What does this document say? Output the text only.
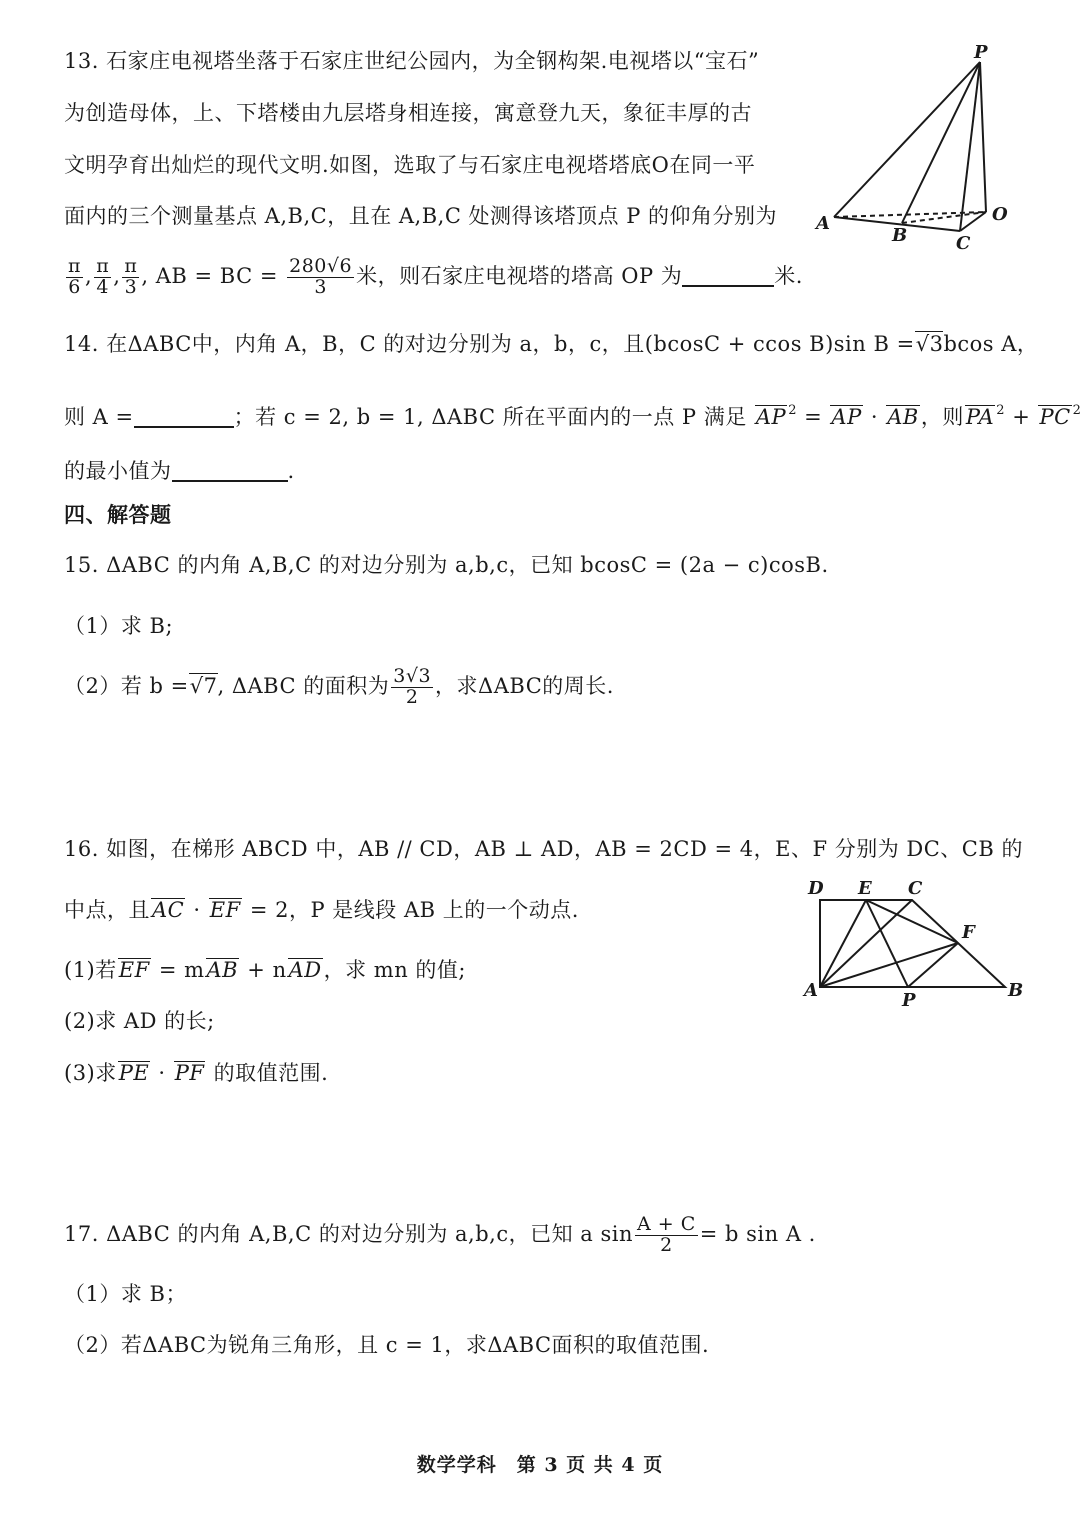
13. 石家庄电视塔坐落于石家庄世纪公园内，为全钢构架.电视塔以“宝石”
为创造母体，上、下塔楼由九层塔身相连接，寓意登九天，象征丰厚的古
文明孕育出灿烂的现代文明.如图，选取了与石家庄电视塔塔底O在同一平
面内的三个测量基点 A,B,C，且在 A,B,C 处测得该塔顶点 P 的仰角分别为
$\frac{\pi}{6}$ , $\frac{\pi}{4}$ , $\frac{\pi}{3}$ , AB = BC = $\frac{280√6}{3}$ 米，则石家庄电视塔的塔高 OP 为	米.
P
A
B	C
O
14. 在ΔABC中，内角 A，B，C 的对边分别为 a，b，c，且(bcosC + ccos B)sin B =√3bcos A，
则 A =	；若 c = 2, b = 1, ΔABC 所在平面内的一点 P 满足 AP $^2$ = AP · AB，则PA $^2$ + PC $^2$
的最小值为	.
四、解答题
15. ΔABC 的内角 A,B,C 的对边分别为 a,b,c，已知 bcosC = (2a − c)cosB.
（1）求 B;
（2）若 b =√7, ΔABC 的面积为 $\frac{3√3}{2}$ ，求ΔABC的周长.
16. 如图，在梯形 ABCD 中，AB // CD，AB ⊥ AD，AB = 2CD = 4，E、F 分别为 DC、CB 的
中点，且AC · EF = 2，P 是线段 AB 上的一个动点.
(1)若EF = mAB + nAD，求 mn 的值;
(2)求 AD 的长;
(3)求PE · PF 的取值范围.
D E C
F
A	P	B
17. ΔABC 的内角 A,B,C 的对边分别为 a,b,c，已知 a $\sin \frac{A + C}{2} = b$ sin A .
（1）求 B；
（2）若ΔABC为锐角三角形，且 c = 1，求ΔABC面积的取值范围.
数学学科　第 3 页 共 4 页
